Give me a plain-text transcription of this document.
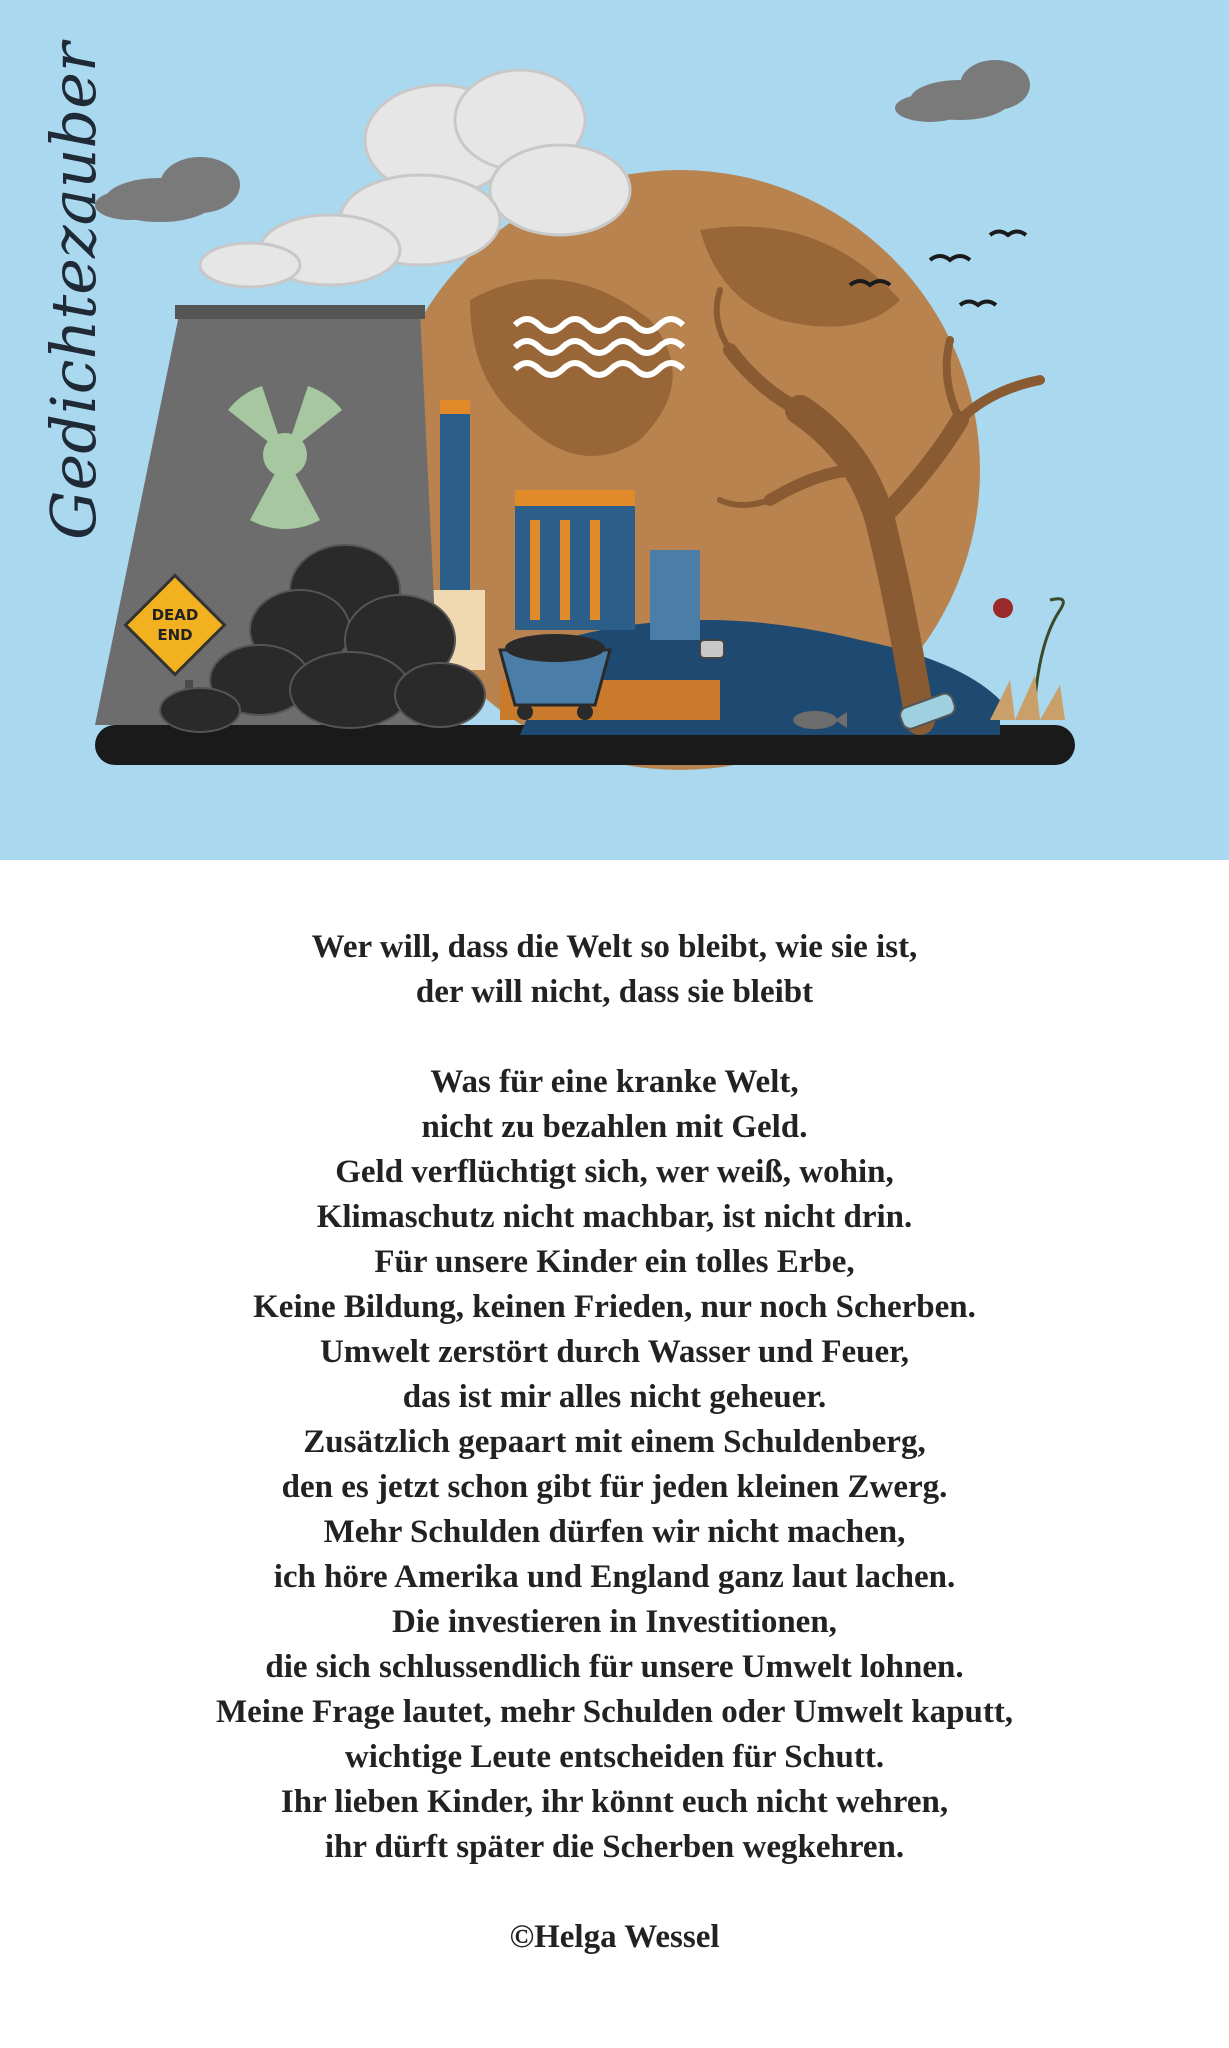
DEAD
END
Gedichtezauber
Wer will, dass die Welt so bleibt, wie sie ist,
der will nicht, dass sie bleibt
Was für eine kranke Welt,
nicht zu bezahlen mit Geld.
Geld verflüchtigt sich, wer weiß, wohin,
Klimaschutz nicht machbar, ist nicht drin.
Für unsere Kinder ein tolles Erbe,
Keine Bildung, keinen Frieden, nur noch Scherben.
Umwelt zerstört durch Wasser und Feuer,
das ist mir alles nicht geheuer.
Zusätzlich gepaart mit einem Schuldenberg,
den es jetzt schon gibt für jeden kleinen Zwerg.
Mehr Schulden dürfen wir nicht machen,
ich höre Amerika und England ganz laut lachen.
Die investieren in Investitionen,
die sich schlussendlich für unsere Umwelt lohnen.
Meine Frage lautet, mehr Schulden oder Umwelt kaputt,
wichtige Leute entscheiden für Schutt.
Ihr lieben Kinder, ihr könnt euch nicht wehren,
ihr dürft später die Scherben wegkehren.
©Helga Wessel
